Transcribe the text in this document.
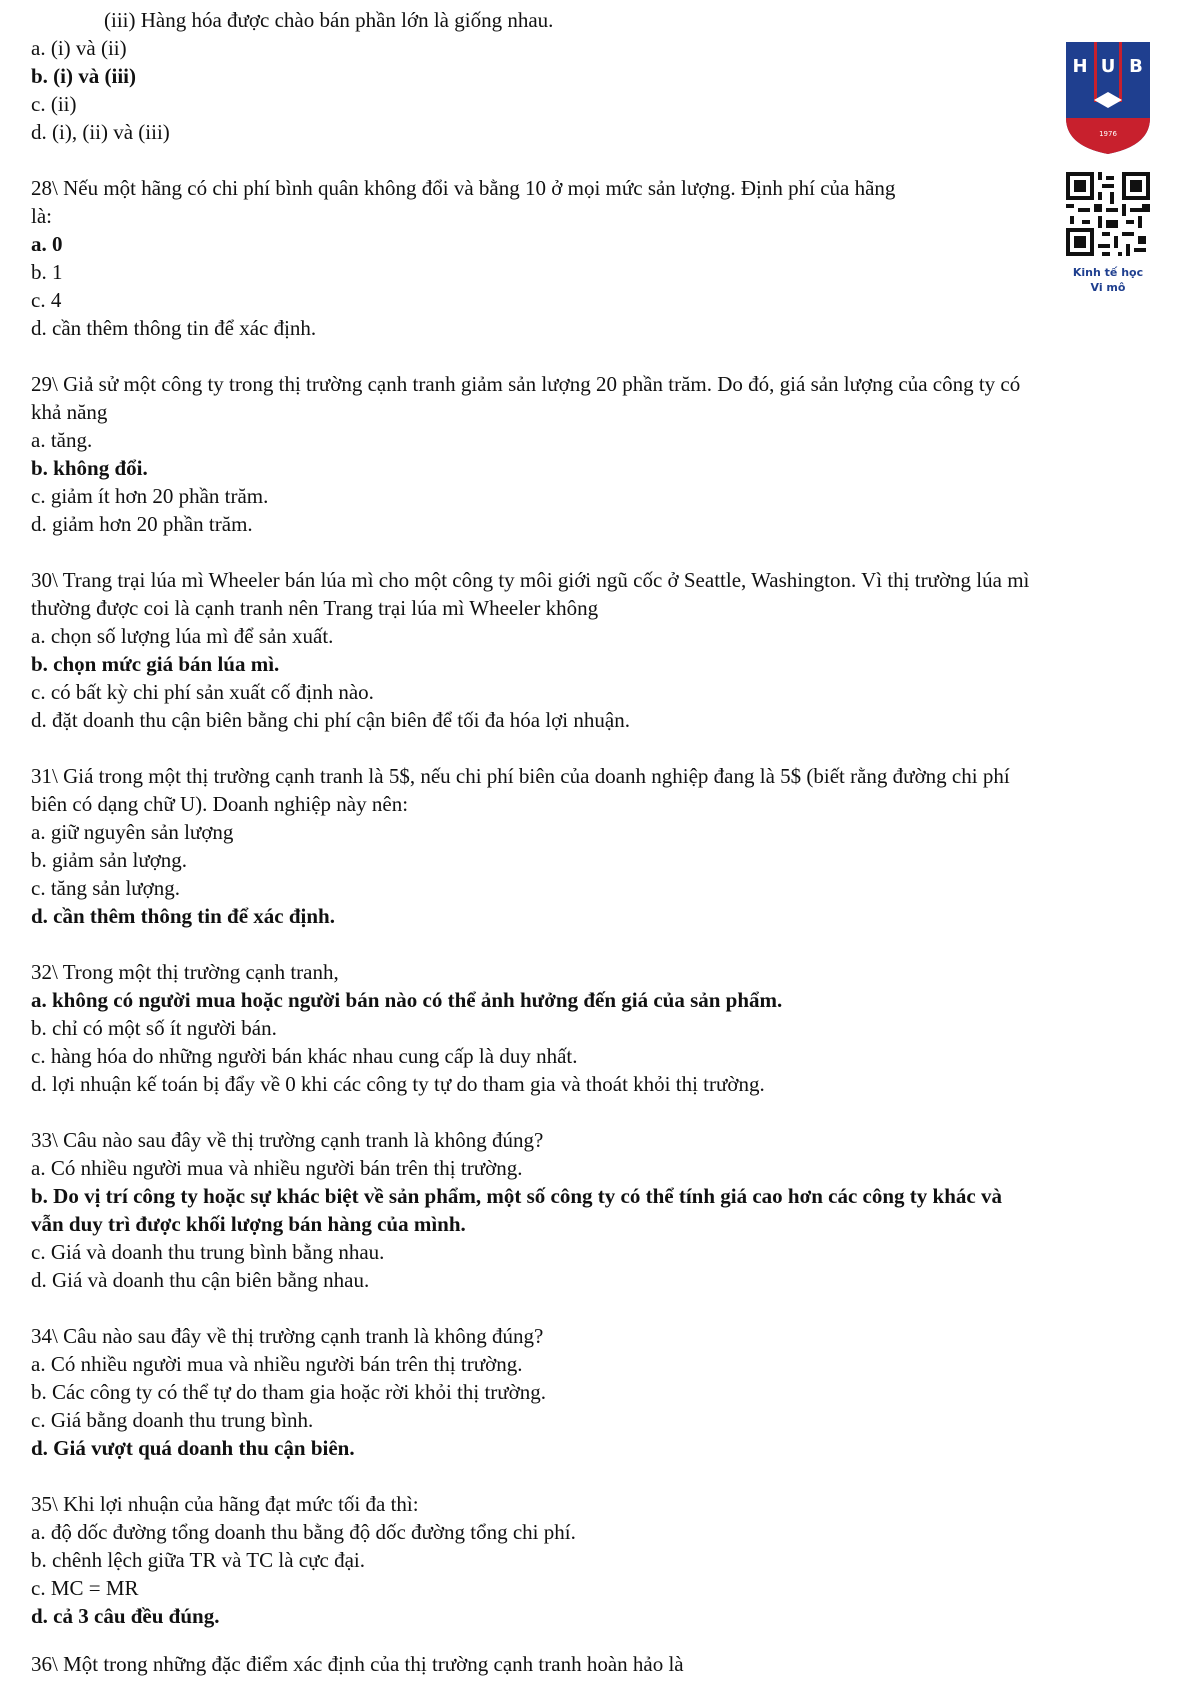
H U B
1976
Kinh tế học
Vi mô
(iii) Hàng hóa được chào bán phần lớn là giống nhau.
a. (i) và (ii)
b. (i) và (iii)
c. (ii)
d. (i), (ii) và (iii)
28\ Nếu một hãng có chi phí bình quân không đổi và bằng 10 ở mọi mức sản lượng. Định phí của hãng
là:
a. 0
b. 1
c. 4
d. cần thêm thông tin để xác định.
29\ Giả sử một công ty trong thị trường cạnh tranh giảm sản lượng 20 phần trăm. Do đó, giá sản lượng của công ty có
khả năng
a. tăng.
b. không đổi.
c. giảm ít hơn 20 phần trăm.
d. giảm hơn 20 phần trăm.
30\ Trang trại lúa mì Wheeler bán lúa mì cho một công ty môi giới ngũ cốc ở Seattle, Washington. Vì thị trường lúa mì
thường được coi là cạnh tranh nên Trang trại lúa mì Wheeler không
a. chọn số lượng lúa mì để sản xuất.
b. chọn mức giá bán lúa mì.
c. có bất kỳ chi phí sản xuất cố định nào.
d. đặt doanh thu cận biên bằng chi phí cận biên để tối đa hóa lợi nhuận.
31\ Giá trong một thị trường cạnh tranh là 5$, nếu chi phí biên của doanh nghiệp đang là 5$ (biết rằng đường chi phí
biên có dạng chữ U). Doanh nghiệp này nên:
a. giữ nguyên sản lượng
b. giảm sản lượng.
c. tăng sản lượng.
d. cần thêm thông tin để xác định.
32\ Trong một thị trường cạnh tranh,
a. không có người mua hoặc người bán nào có thể ảnh hưởng đến giá của sản phẩm.
b. chỉ có một số ít người bán.
c. hàng hóa do những người bán khác nhau cung cấp là duy nhất.
d. lợi nhuận kế toán bị đẩy về 0 khi các công ty tự do tham gia và thoát khỏi thị trường.
33\ Câu nào sau đây về thị trường cạnh tranh là không đúng?
a. Có nhiều người mua và nhiều người bán trên thị trường.
b. Do vị trí công ty hoặc sự khác biệt về sản phẩm, một số công ty có thể tính giá cao hơn các công ty khác và
vẫn duy trì được khối lượng bán hàng của mình.
c. Giá và doanh thu trung bình bằng nhau.
d. Giá và doanh thu cận biên bằng nhau.
34\ Câu nào sau đây về thị trường cạnh tranh là không đúng?
a. Có nhiều người mua và nhiều người bán trên thị trường.
b. Các công ty có thể tự do tham gia hoặc rời khỏi thị trường.
c. Giá bằng doanh thu trung bình.
d. Giá vượt quá doanh thu cận biên.
35\ Khi lợi nhuận của hãng đạt mức tối đa thì:
a. độ dốc đường tổng doanh thu bằng độ dốc đường tổng chi phí.
b. chênh lệch giữa TR và TC là cực đại.
c. MC = MR
d. cả 3 câu đều đúng.
36\ Một trong những đặc điểm xác định của thị trường cạnh tranh hoàn hảo là
